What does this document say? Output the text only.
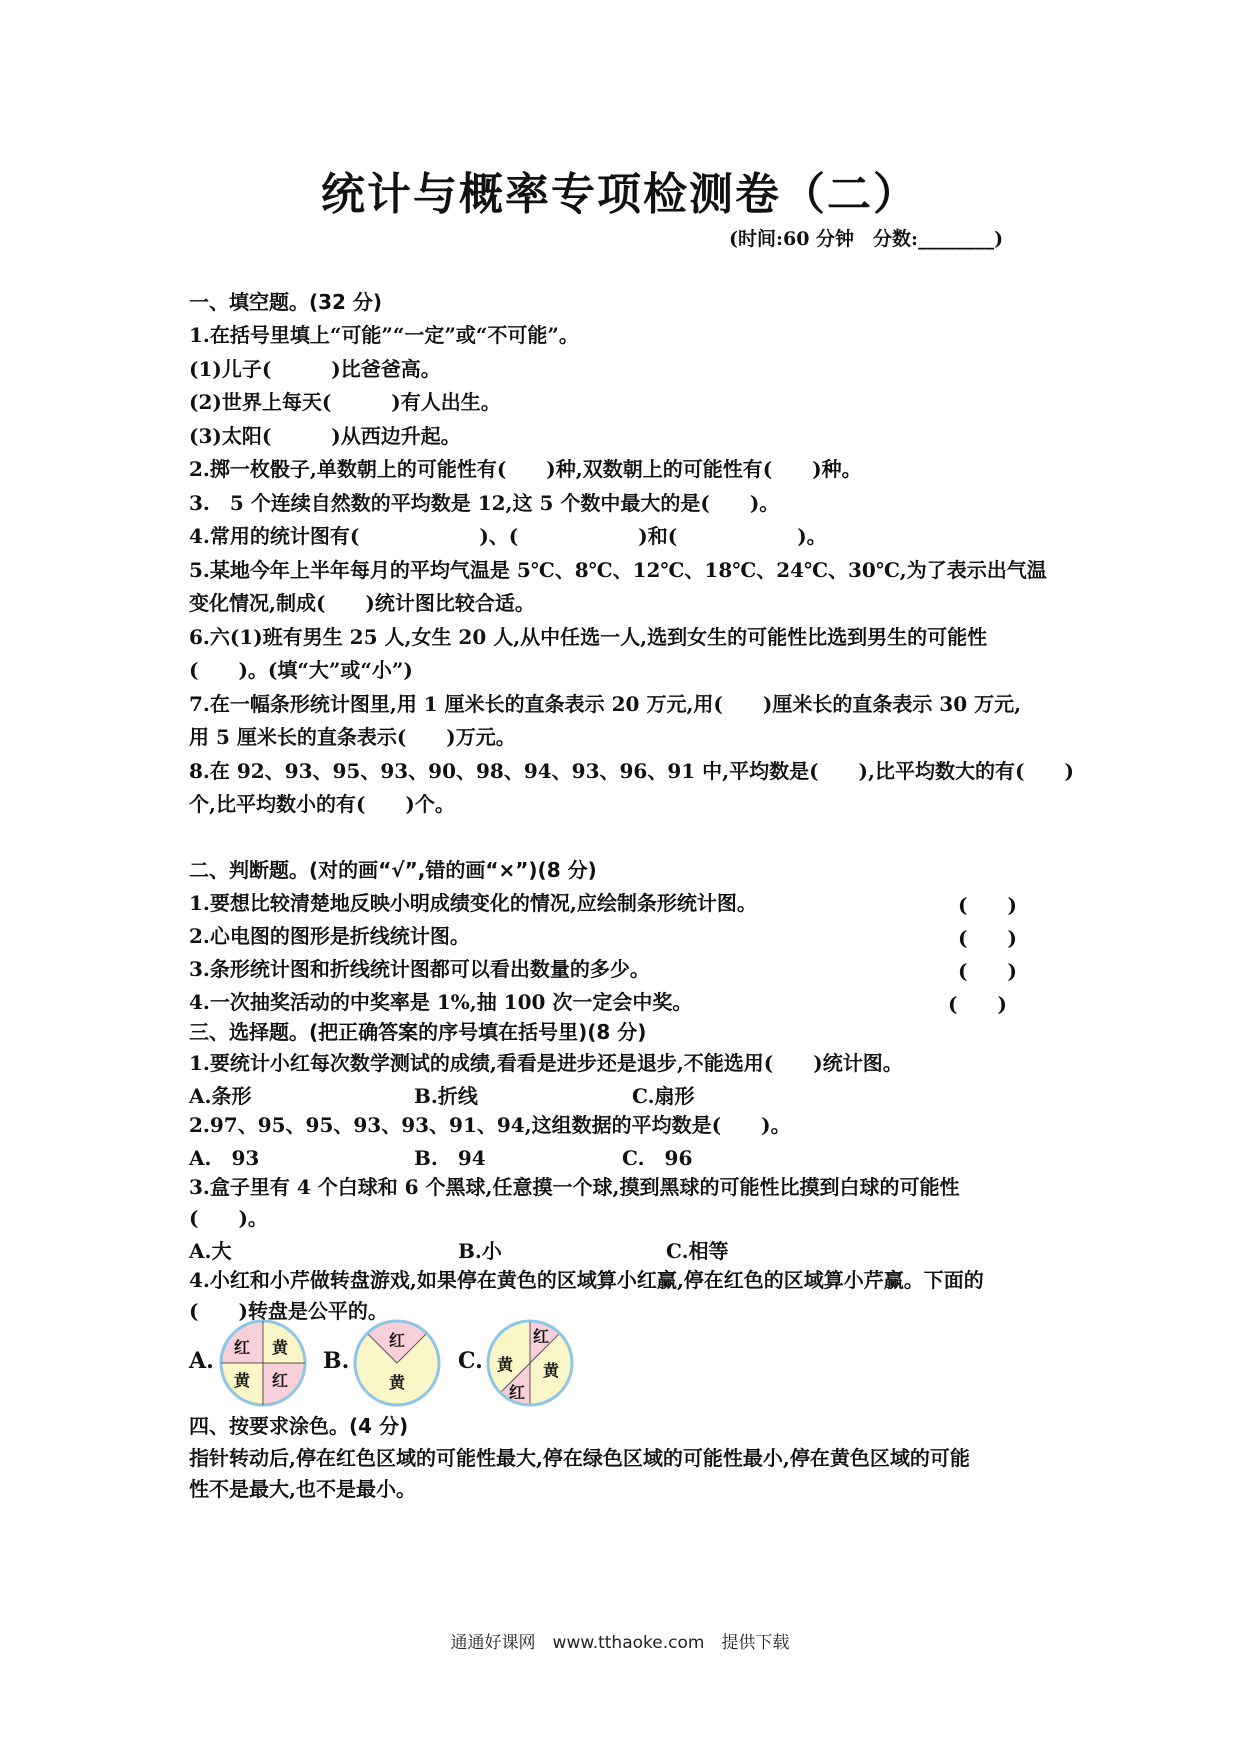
统计与概率专项检测卷（二）
(时间:60 分钟　分数:________)
一、填空题。(32 分)
1.在括号里填上“可能”“一定”或“不可能”。
(1)儿子(　　　)比爸爸高。
(2)世界上每天(　　　)有人出生。
(3)太阳(　　　)从西边升起。
2.掷一枚骰子,单数朝上的可能性有(　　)种,双数朝上的可能性有(　　)种。
3.　5 个连续自然数的平均数是 12,这 5 个数中最大的是(　　)。
4.常用的统计图有(　　　　　　)、(　　　　　　)和(　　　　　　)。
5.某地今年上半年每月的平均气温是 5℃、8℃、12℃、18℃、24℃、30℃,为了表示出气温
变化情况,制成(　　)统计图比较合适。
6.六(1)班有男生 25 人,女生 20 人,从中任选一人,选到女生的可能性比选到男生的可能性
(　　)。(填“大”或“小”)
7.在一幅条形统计图里,用 1 厘米长的直条表示 20 万元,用(　　)厘米长的直条表示 30 万元,
用 5 厘米长的直条表示(　　)万元。
8.在 92、93、95、93、90、98、94、93、96、91 中,平均数是(　　),比平均数大的有(　　)
个,比平均数小的有(　　)个。
二、判断题。(对的画“√”,错的画“×”)(8 分)
1.要想比较清楚地反映小明成绩变化的情况,应绘制条形统计图。	(　　)
2.心电图的图形是折线统计图。	(　　)
3.条形统计图和折线统计图都可以看出数量的多少。	(　　)
4.一次抽奖活动的中奖率是 1%,抽 100 次一定会中奖。	(　　)
三、选择题。(把正确答案的序号填在括号里)(8 分)
1.要统计小红每次数学测试的成绩,看看是进步还是退步,不能选用(　　)统计图。
A.条形	B.折线	C.扇形
2.97、95、95、93、93、91、94,这组数据的平均数是(　　)。
A.　93	B.　94	C.　96
3.盒子里有 4 个白球和 6 个黑球,任意摸一个球,摸到黑球的可能性比摸到白球的可能性
(　　)。
A.大	B.小	C.相等
4.小红和小芹做转盘游戏,如果停在黄色的区域算小红赢,停在红色的区域算小芹赢。下面的
(　　)转盘是公平的。
A.
红 黄
黄 红
B.
红
黄
C. 黄
红
黄
红
四、按要求涂色。(4 分)
指针转动后,停在红色区域的可能性最大,停在绿色区域的可能性最小,停在黄色区域的可能
性不是最大,也不是最小。
通通好课网　www.tthaoke.com　提供下载
